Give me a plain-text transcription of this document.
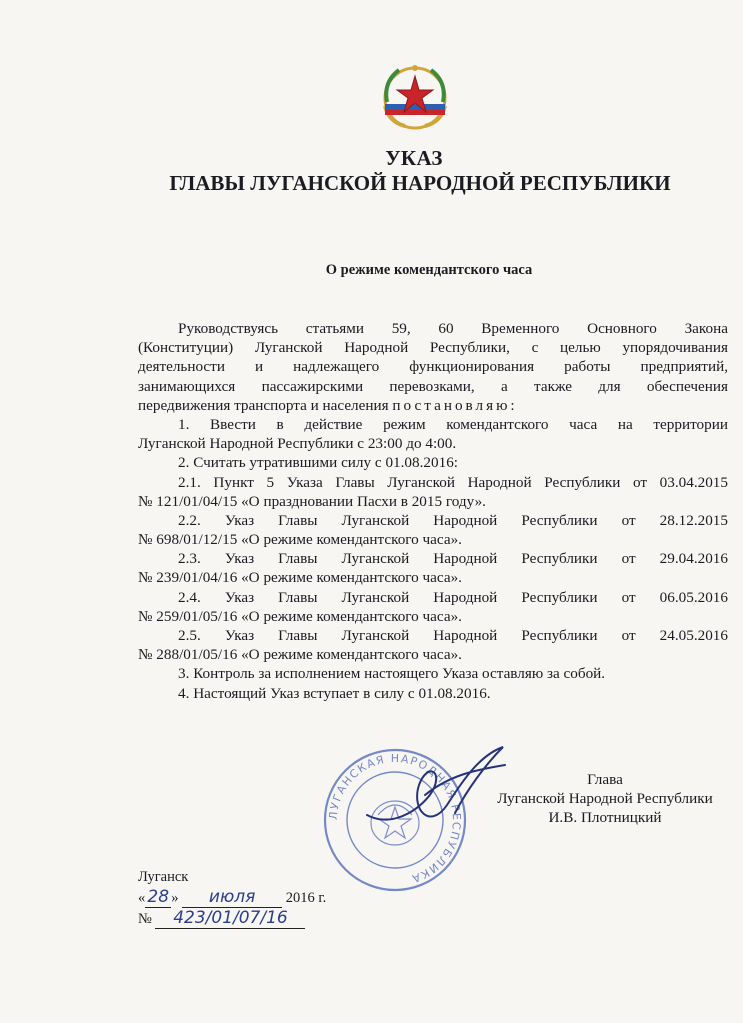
УКАЗ
ГЛАВЫ ЛУГАНСКОЙ НАРОДНОЙ РЕСПУБЛИКИ
О режиме комендантского часа
Руководствуясь статьями 59, 60 Временного Основного Закона
(Конституции) Луганской Народной Республики, с целью упорядочивания
деятельности и надлежащего функционирования работы предприятий,
занимающихся пассажирскими перевозками, а также для обеспечения
передвижения транспорта и населения постановляю:
1. Ввести в действие режим комендантского часа на территории
Луганской Народной Республики с 23:00 до 4:00.
2. Считать утратившими силу с 01.08.2016:
2.1. Пункт 5 Указа Главы Луганской Народной Республики от 03.04.2015
№ 121/01/04/15 «О праздновании Пасхи в 2015 году».
2.2. Указ Главы Луганской Народной Республики от 28.12.2015
№ 698/01/12/15 «О режиме комендантского часа».
2.3. Указ Главы Луганской Народной Республики от 29.04.2016
№ 239/01/04/16 «О режиме комендантского часа».
2.4. Указ Главы Луганской Народной Республики от 06.05.2016
№ 259/01/05/16 «О режиме комендантского часа».
2.5. Указ Главы Луганской Народной Республики от 24.05.2016
№ 288/01/05/16 «О режиме комендантского часа».
3. Контроль за исполнением настоящего Указа оставляю за собой.
4. Настоящий Указ вступает в силу с 01.08.2016.
ЛУГАНСКАЯ НАРОДНАЯ РЕСПУБЛИКА
Глава
Луганской Народной Республики
И.В. Плотницкий
Луганск
« 28 » июля 2016 г.
№ 423/01/07/16
